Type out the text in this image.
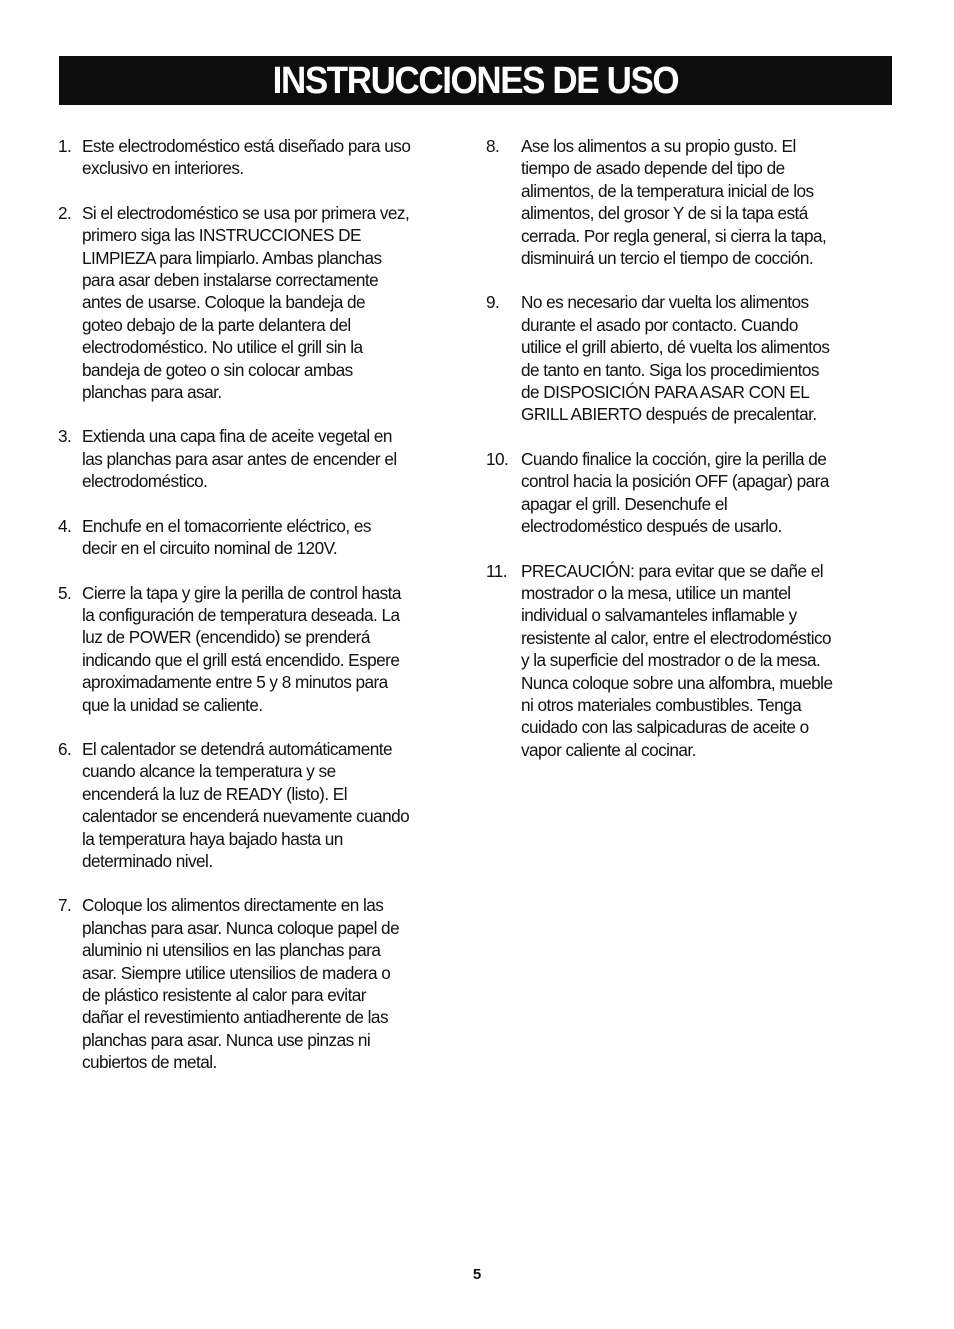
INSTRUCCIONES DE USO
1. Este electrodoméstico está diseñado para uso
exclusivo en interiores.
2. Si el electrodoméstico se usa por primera vez,
primero siga las INSTRUCCIONES DE
LIMPIEZA para limpiarlo. Ambas planchas
para asar deben instalarse correctamente
antes de usarse. Coloque la bandeja de
goteo debajo de la parte delantera del
electrodoméstico. No utilice el grill sin la
bandeja de goteo o sin colocar ambas
planchas para asar.
3. Extienda una capa fina de aceite vegetal en
las planchas para asar antes de encender el
electrodoméstico.
4. Enchufe en el tomacorriente eléctrico, es
decir en el circuito nominal de 120V.
5. Cierre la tapa y gire la perilla de control hasta
la configuración de temperatura deseada. La
luz de POWER (encendido) se prenderá
indicando que el grill está encendido. Espere
aproximadamente entre 5 y 8 minutos para
que la unidad se caliente.
6. El calentador se detendrá automáticamente
cuando alcance la temperatura y se
encenderá la luz de READY (listo). El
calentador se encenderá nuevamente cuando
la temperatura haya bajado hasta un
determinado nivel.
7. Coloque los alimentos directamente en las
planchas para asar. Nunca coloque papel de
aluminio ni utensilios en las planchas para
asar. Siempre utilice utensilios de madera o
de plástico resistente al calor para evitar
dañar el revestimiento antiadherente de las
planchas para asar. Nunca use pinzas ni
cubiertos de metal.
8.	Ase los alimentos a su propio gusto. El
tiempo de asado depende del tipo de
alimentos, de la temperatura inicial de los
alimentos, del grosor Y de si la tapa está
cerrada. Por regla general, si cierra la tapa,
disminuirá un tercio el tiempo de cocción.
9.	No es necesario dar vuelta los alimentos
durante el asado por contacto. Cuando
utilice el grill abierto, dé vuelta los alimentos
de tanto en tanto. Siga los procedimientos
de DISPOSICIÓN PARA ASAR CON EL
GRILL ABIERTO después de precalentar.
10. Cuando finalice la cocción, gire la perilla de
control hacia la posición OFF (apagar) para
apagar el grill. Desenchufe el
electrodoméstico después de usarlo.
11. PRECAUCIÓN: para evitar que se dañe el
mostrador o la mesa, utilice un mantel
individual o salvamanteles inflamable y
resistente al calor, entre el electrodoméstico
y la superficie del mostrador o de la mesa.
Nunca coloque sobre una alfombra, mueble
ni otros materiales combustibles. Tenga
cuidado con las salpicaduras de aceite o
vapor caliente al cocinar.
5
